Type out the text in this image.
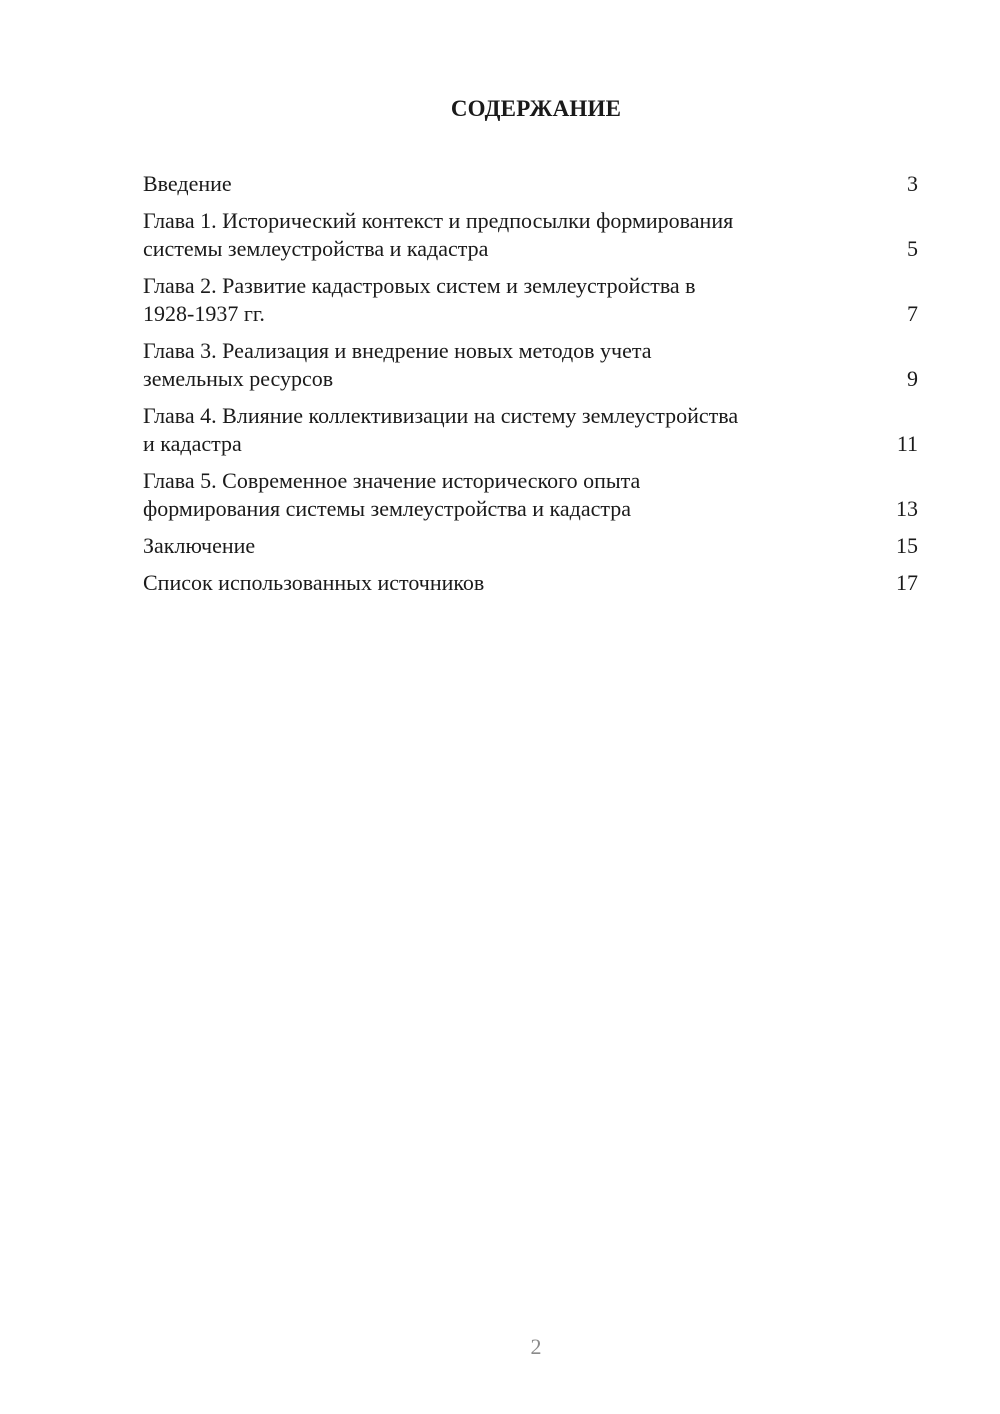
СОДЕРЖАНИЕ
Введение	3
Глава 1. Исторический контекст и предпосылки формирования
системы землеустройства и кадастра	5
Глава 2. Развитие кадастровых систем и землеустройства в
1928-1937 гг.	7
Глава 3. Реализация и внедрение новых методов учета
земельных ресурсов	9
Глава 4. Влияние коллективизации на систему землеустройства
и кадастра	11
Глава 5. Современное значение исторического опыта
формирования системы землеустройства и кадастра	13
Заключение	15
Список использованных источников	17
2
